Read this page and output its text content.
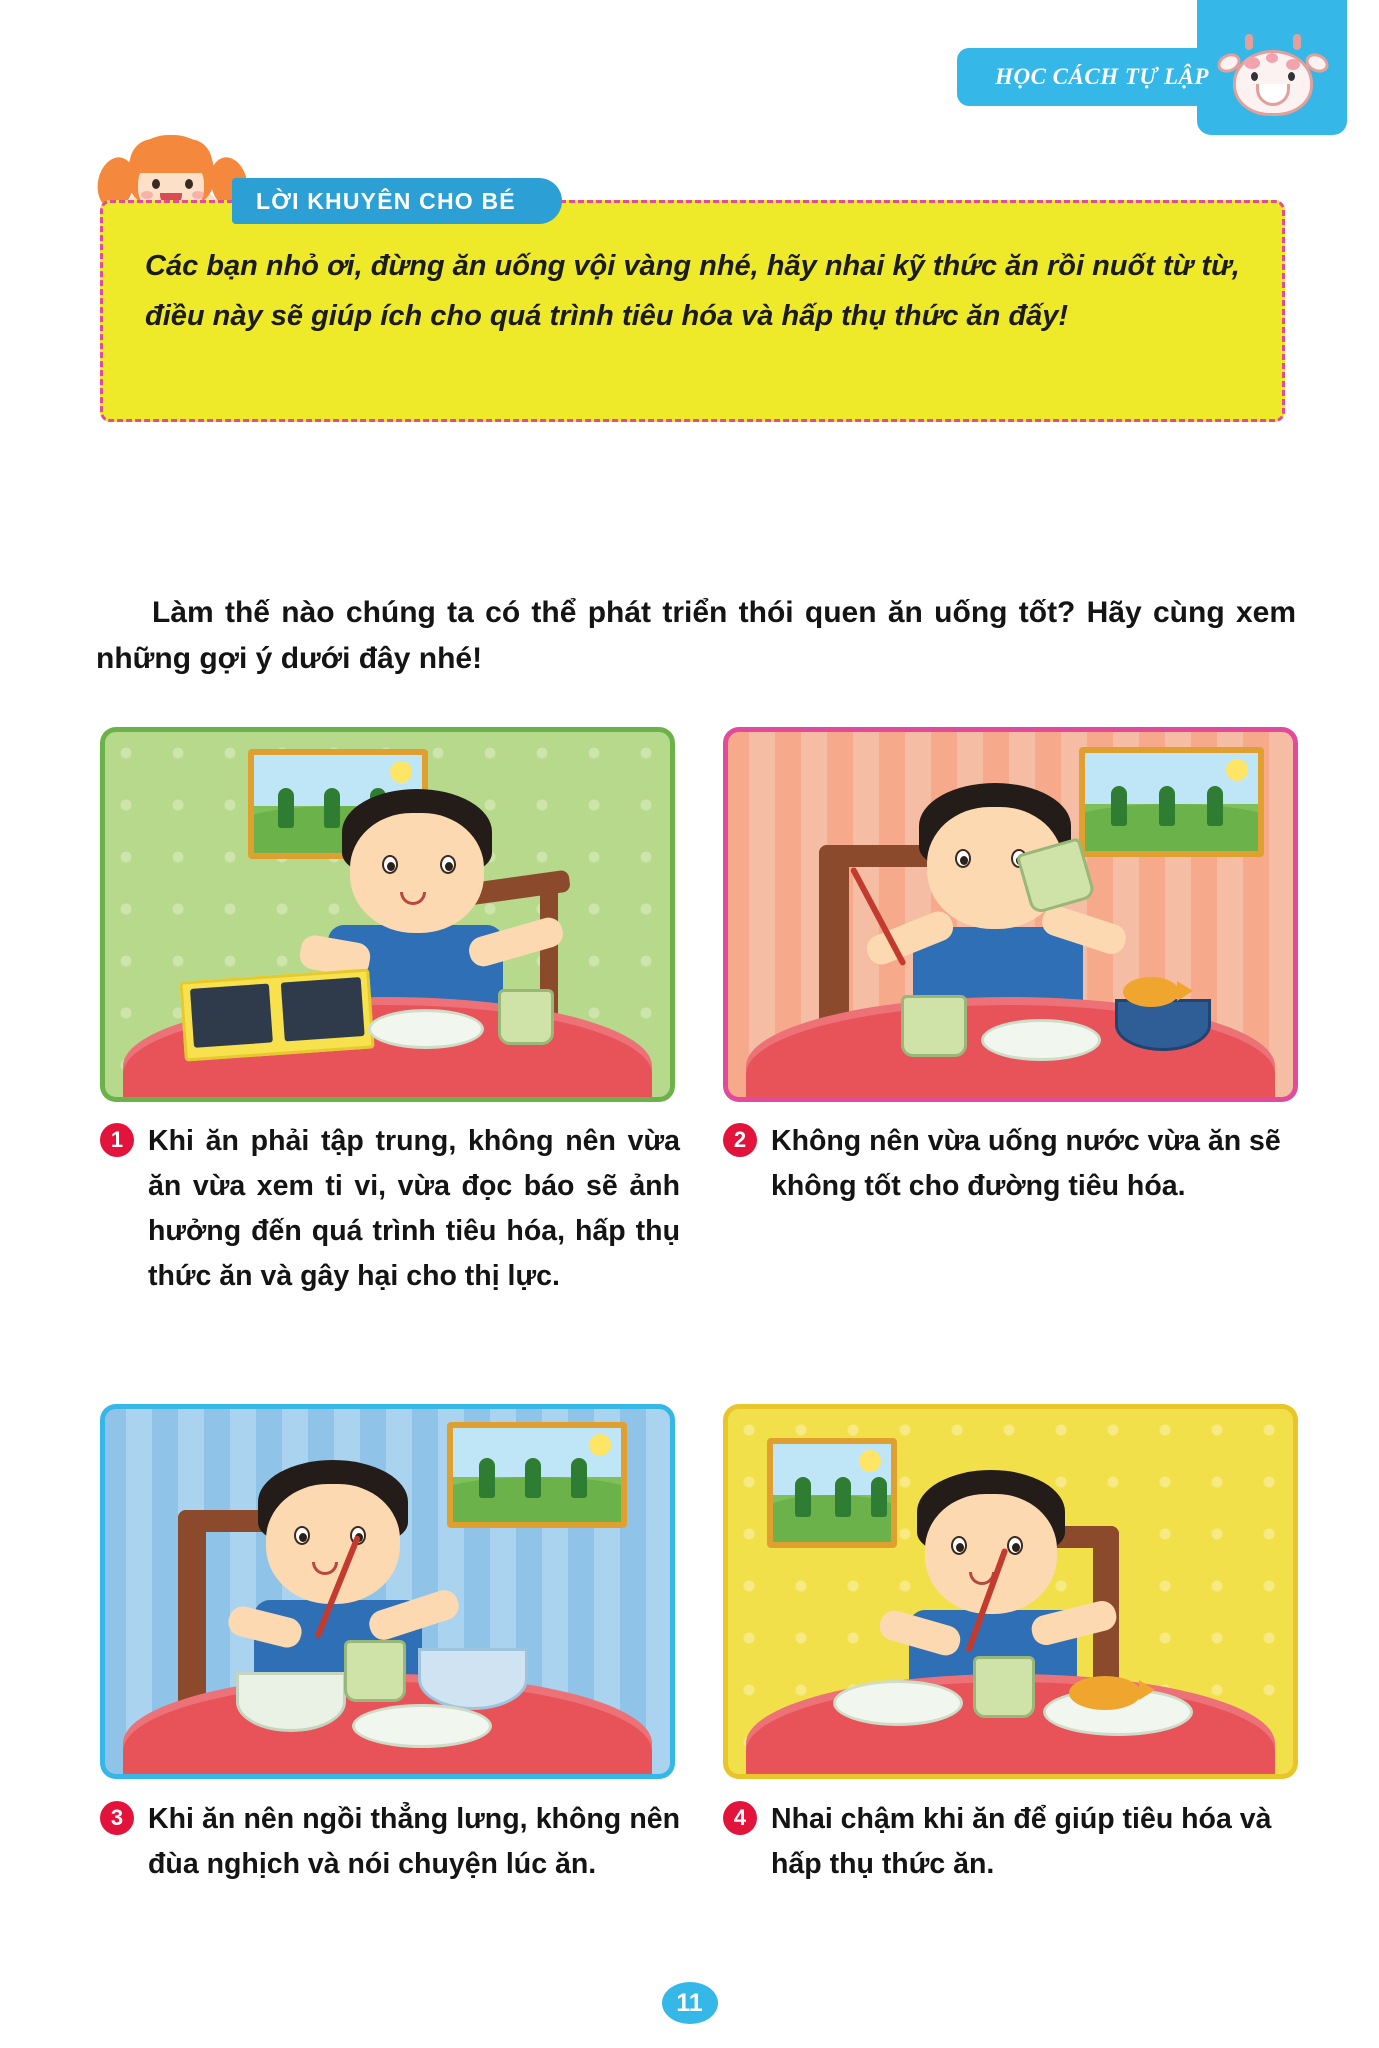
HỌC CÁCH TỰ LẬP
LỜI KHUYÊN CHO BÉ
Các bạn nhỏ ơi, đừng ăn uống vội vàng nhé, hãy nhai kỹ thức ăn rồi nuốt từ từ, điều này sẽ giúp ích cho quá trình tiêu hóa và hấp thụ thức ăn đấy!
Làm thế nào chúng ta có thể phát triển thói quen ăn uống tốt? Hãy cùng xem những gợi ý dưới đây nhé!
1 Khi ăn phải tập trung, không nên vừa ăn vừa xem ti vi, vừa đọc báo sẽ ảnh hưởng đến quá trình tiêu hóa, hấp thụ thức ăn và gây hại cho thị lực.
2 Không nên vừa uống nước vừa ăn sẽ không tốt cho đường tiêu hóa.
3 Khi ăn nên ngồi thẳng lưng, không nên đùa nghịch và nói chuyện lúc ăn.
4 Nhai chậm khi ăn để giúp tiêu hóa và hấp thụ thức ăn.
11
